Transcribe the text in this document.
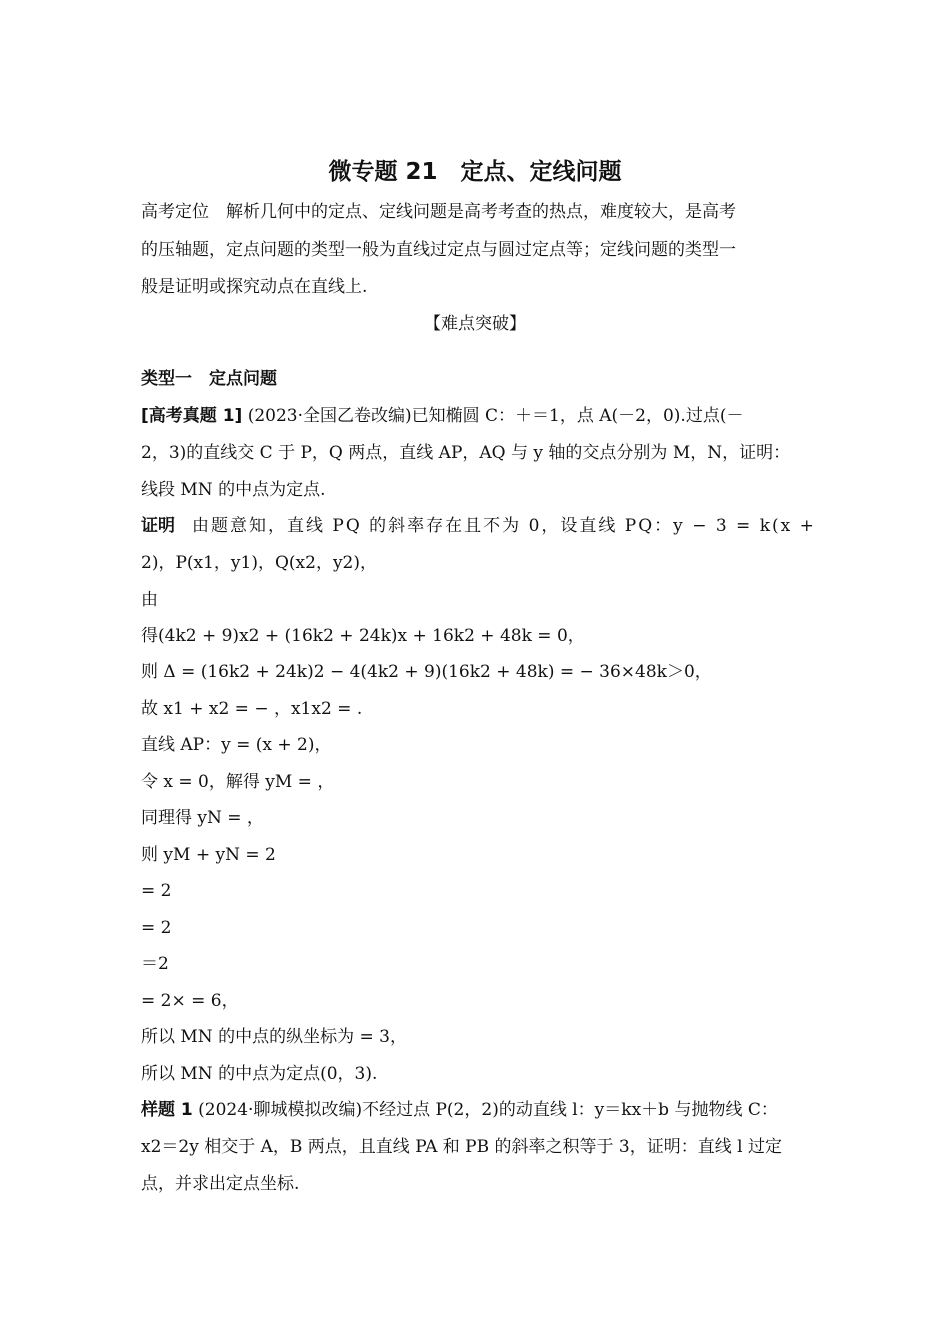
微专题 21　定点、定线问题
高考定位　 解析几何中的定点、定线问题是高考考查的热点，难度较大，是高考
的压轴题，定点问题的类型一般为直线过定点与圆过定点等；定线问题的类型一
般是证明或探究动点在直线上.
【难点突破】
类型一　定点问题
[高考真题 1] (2023·全国乙卷改编)已知椭圆 C：＋＝1，点 A(－2，0).过点(－
2，3)的直线交 C 于 P，Q 两点，直线 AP，AQ 与 y 轴的交点分别为 M，N，证明：
线段 MN 的中点为定点.
证明　 由题意知，直线 PQ 的斜率存在且不为 0，设直线 PQ：y − 3 = k(x +
2)，P(x1，y1)，Q(x2，y2)，
由
得(4k2 + 9)x2 + (16k2 + 24k)x + 16k2 + 48k = 0，
则 Δ = (16k2 + 24k)2 − 4(4k2 + 9)(16k2 + 48k) = − 36×48k＞0，
故 x1 + x2 = − ，x1x2 = .
直线 AP：y = (x + 2)，
令 x = 0，解得 yM = ，
同理得 yN = ，
则 yM + yN = 2
= 2
= 2
＝2
= 2× = 6，
所以 MN 的中点的纵坐标为 = 3，
所以 MN 的中点为定点(0，3).
样题 1 (2024·聊城模拟改编)不经过点 P(2，2)的动直线 l：y＝kx＋b 与抛物线 C：
x2＝2y 相交于 A，B 两点，且直线 PA 和 PB 的斜率之积等于 3，证明：直线 l 过定
点，并求出定点坐标.
